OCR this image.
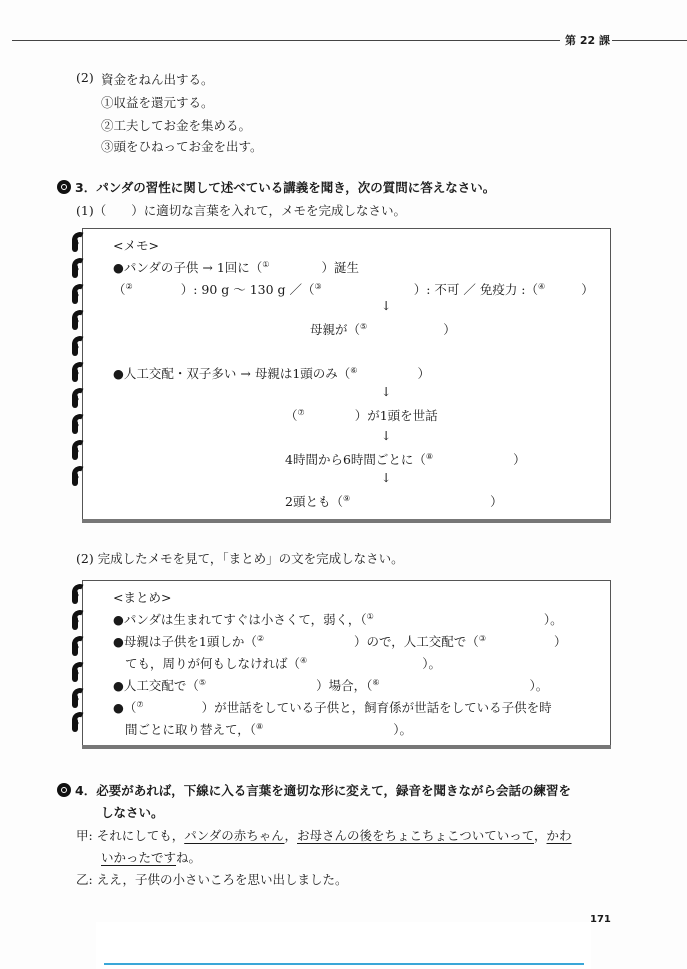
第 22 課
(2) 資金をねん出する。
①収益を還元する。
②工夫してお金を集める。
③頭をひねってお金を出す。
3．パンダの習性に関して述べている講義を聞き，次の質問に答えなさい。
(1)（　　）に適切な言葉を入れて，メモを完成しなさい。
<メモ>
●パンダの子供 → 1回に（①	）誕生
（②	）: 90 g ～ 130 g ／（③	）: 不可 ／ 免疫力 :（④	）
↓
母親が（⑤	）
●人工交配・双子多い → 母親は1頭のみ（⑥	）
↓
（⑦	）が1頭を世話
↓
4時間から6時間ごとに（⑧	）
↓
2頭とも（⑨	）
(2) 完成したメモを見て，「まとめ」の文を完成しなさい。
<まとめ>
●パンダは生まれてすぐは小さくて，弱く，（①	）。
●母親は子供を1頭しか（②	）ので，人工交配で（③	）
ても，周りが何もしなければ（④	）。
●人工交配で（⑤	）場合，（⑥	）。
●（⑦	）が世話をしている子供と，飼育係が世話をしている子供を時
間ごとに取り替えて，（⑧	）。
4．必要があれば，下線に入る言葉を適切な形に変えて，録音を聞きながら会話の練習を
しなさい。
甲: それにしても，パンダの赤ちゃん，お母さんの後をちょこちょこついていって，かわ
いかったですね。
乙: ええ，子供の小さいころを思い出しました。
171
